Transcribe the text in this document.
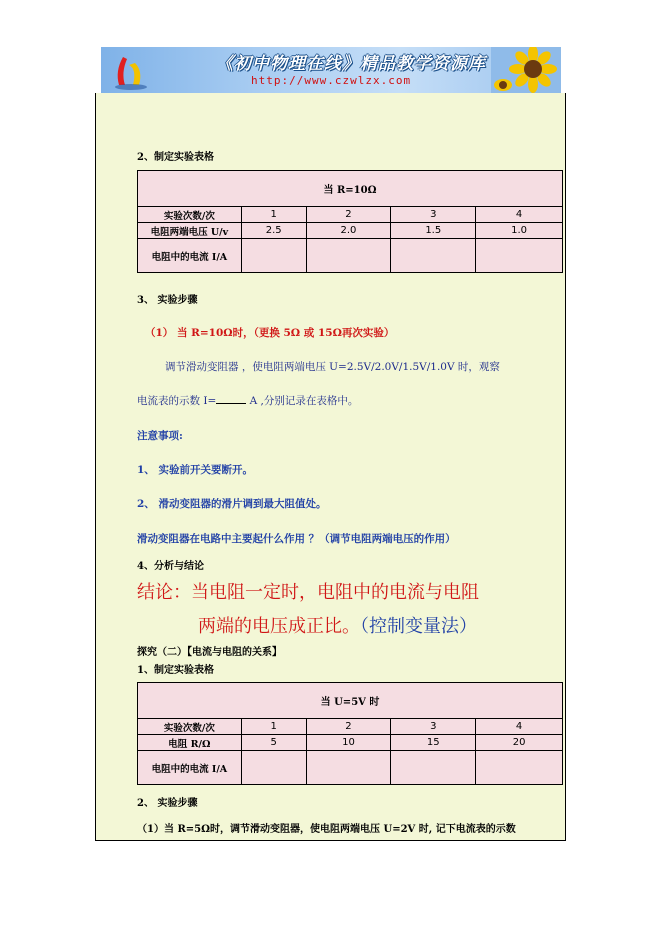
《初中物理在线》精品教学资源库
http://www.czwlzx.com
2、制定实验表格
当 R=10Ω				
实验次数/次	1	2	3	4
电阻两端电压 U/v	2.5	2.0	1.5	1.0
电阻中的电流 I/A				
3、 实验步骤
（1） 当 R=10Ω时，（更换 5Ω 或 15Ω再次实验）
调节滑动变阻器 ，使电阻两端电压 U=2.5V/2.0V/1.5V/1.0V 时，观察
电流表的示数 I=	A ,分别记录在表格中。
注意事项:
1、 实验前开关要断开。
2、 滑动变阻器的滑片调到最大阻值处。
滑动变阻器在电路中主要起什么作用 ？（调节电阻两端电压的作用）
4、分析与结论
结论：当电阻一定时，电阻中的电流与电阻
两端的电压成正比。（控制变量法）
探究（二）【电流与电阻的关系】
1、制定实验表格
当 U=5V 时				
实验次数/次	1	2	3	4
电阻 R/Ω	5	10	15	20
电阻中的电流 I/A				
2、 实验步骤
（1）当 R=5Ω时，调节滑动变阻器，使电阻两端电压 U=2V 时, 记下电流表的示数
